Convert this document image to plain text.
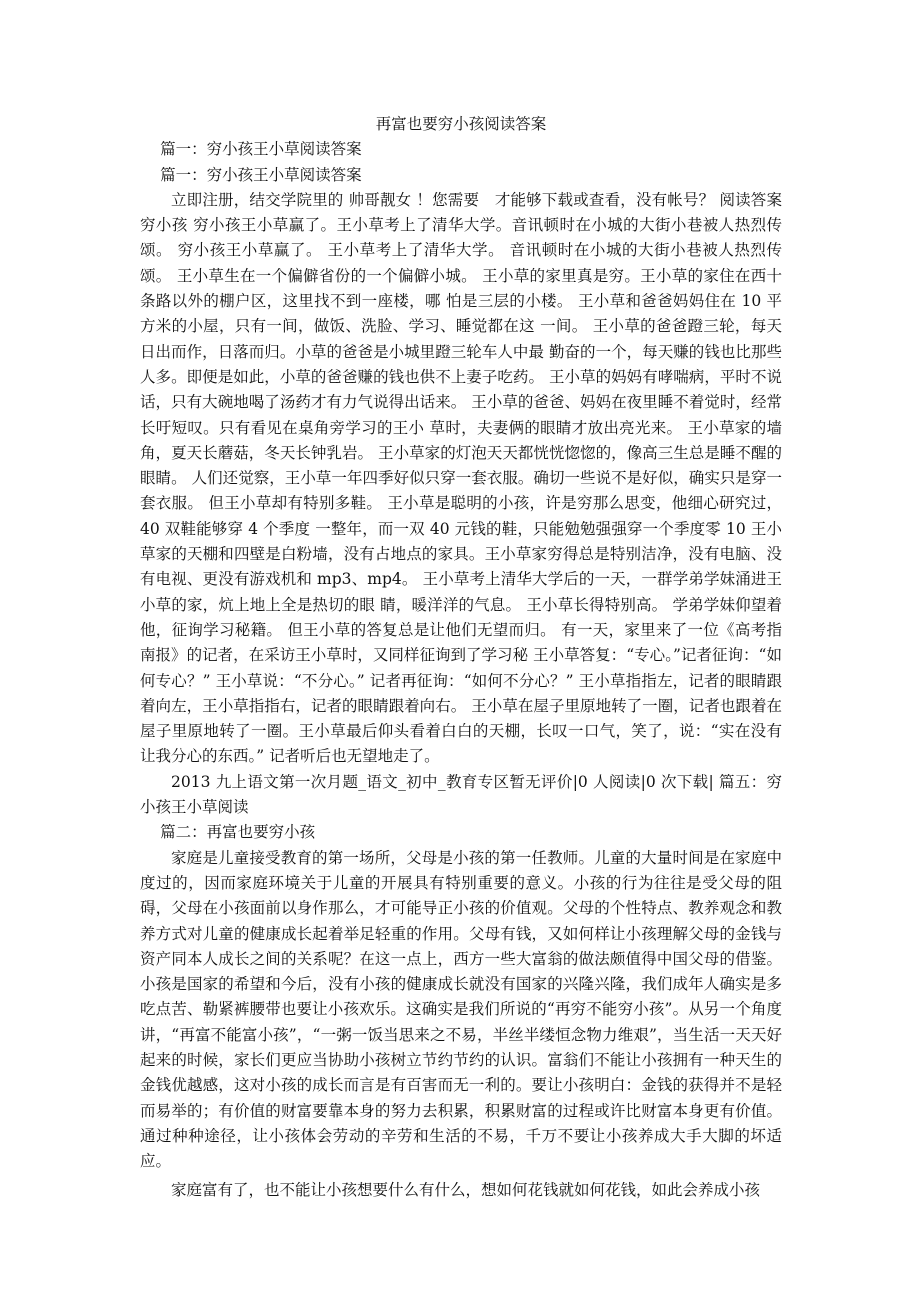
再富也要穷小孩阅读答案

篇一：穷小孩王小草阅读答案

篇一：穷小孩王小草阅读答案

立即注册，结交学院里的 帅哥靓女 ！您需要　才能够下载或查看，没有帐号？ 阅读答案 穷小孩 穷小孩王小草赢了。王小草考上了清华大学。音讯顿时在小城的大街小巷被人热烈传颂。 穷小孩王小草赢了。 王小草考上了清华大学。 音讯顿时在小城的大街小巷被人热烈传颂。 王小草生在一个偏僻省份的一个偏僻小城。 王小草的家里真是穷。王小草的家住在西十条路以外的棚户区，这里找不到一座楼，哪 怕是三层的小楼。 王小草和爸爸妈妈住在 10 平方米的小屋，只有一间，做饭、洗脸、学习、睡觉都在这 一间。 王小草的爸爸蹬三轮，每天日出而作，日落而归。小草的爸爸是小城里蹬三轮车人中最 勤奋的一个，每天赚的钱也比那些人多。即便是如此，小草的爸爸赚的钱也供不上妻子吃药。 王小草的妈妈有哮喘病，平时不说话，只有大碗地喝了汤药才有力气说得出话来。 王小草的爸爸、妈妈在夜里睡不着觉时，经常长吁短叹。只有看见在桌角旁学习的王小 草时，夫妻俩的眼睛才放出亮光来。 王小草家的墙角，夏天长蘑菇，冬天长钟乳岩。 王小草家的灯泡天天都恍恍惚惚的，像高三生总是睡不醒的眼睛。 人们还觉察，王小草一年四季好似只穿一套衣服。确切一些说不是好似，确实只是穿一 套衣服。 但王小草却有特别多鞋。 王小草是聪明的小孩，许是穷那么思变，他细心研究过，40 双鞋能够穿 4 个季度 一整年，而一双 40 元钱的鞋，只能勉勉强强穿一个季度零 10 王小草家的天棚和四壁是白粉墙，没有占地点的家具。王小草家穷得总是特别洁净，没有电脑、没有电视、更没有游戏机和 mp3、mp4。 王小草考上清华大学后的一天，一群学弟学妹涌进王小草的家，炕上地上全是热切的眼 睛，暖洋洋的气息。 王小草长得特别高。 学弟学妹仰望着他，征询学习秘籍。 但王小草的答复总是让他们无望而归。 有一天，家里来了一位《高考指南报》的记者，在采访王小草时，又同样征询到了学习秘 王小草答复：“专心。”记者征询：“如何专心？” 王小草说：“不分心。” 记者再征询：“如何不分心？” 王小草指指左，记者的眼睛跟着向左，王小草指指右，记者的眼睛跟着向右。 王小草在屋子里原地转了一圈，记者也跟着在屋子里原地转了一圈。王小草最后仰头看着白白的天棚，长叹一口气，笑了，说：“实在没有让我分心的东西。” 记者听后也无望地走了。

2013 九上语文第一次月题_语文_初中_教育专区暂无评价|0 人阅读|0 次下载| 篇五：穷小孩王小草阅读

篇二：再富也要穷小孩

家庭是儿童接受教育的第一场所，父母是小孩的第一任教师。儿童的大量时间是在家庭中度过的，因而家庭环境关于儿童的开展具有特别重要的意义。小孩的行为往往是受父母的阻碍，父母在小孩面前以身作那么，才可能导正小孩的价值观。父母的个性特点、教养观念和教养方式对儿童的健康成长起着举足轻重的作用。父母有钱，又如何样让小孩理解父母的金钱与资产同本人成长之间的关系呢？在这一点上，西方一些大富翁的做法颇值得中国父母的借鉴。 小孩是国家的希望和今后，没有小孩的健康成长就没有国家的兴隆兴隆，我们成年人确实是多吃点苦、勒紧裤腰带也要让小孩欢乐。这确实是我们所说的“再穷不能穷小孩”。从另一个角度讲，“再富不能富小孩”，“一粥一饭当思来之不易，半丝半缕恒念物力维艰”，当生活一天天好起来的时候，家长们更应当协助小孩树立节约节约的认识。富翁们不能让小孩拥有一种天生的金钱优越感，这对小孩的成长而言是有百害而无一利的。要让小孩明白：金钱的获得并不是轻而易举的；有价值的财富要靠本身的努力去积累，积累财富的过程或许比财富本身更有价值。通过种种途径，让小孩体会劳动的辛劳和生活的不易，千万不要让小孩养成大手大脚的坏适应。

家庭富有了，也不能让小孩想要什么有什么，想如何花钱就如何花钱，如此会养成小孩
